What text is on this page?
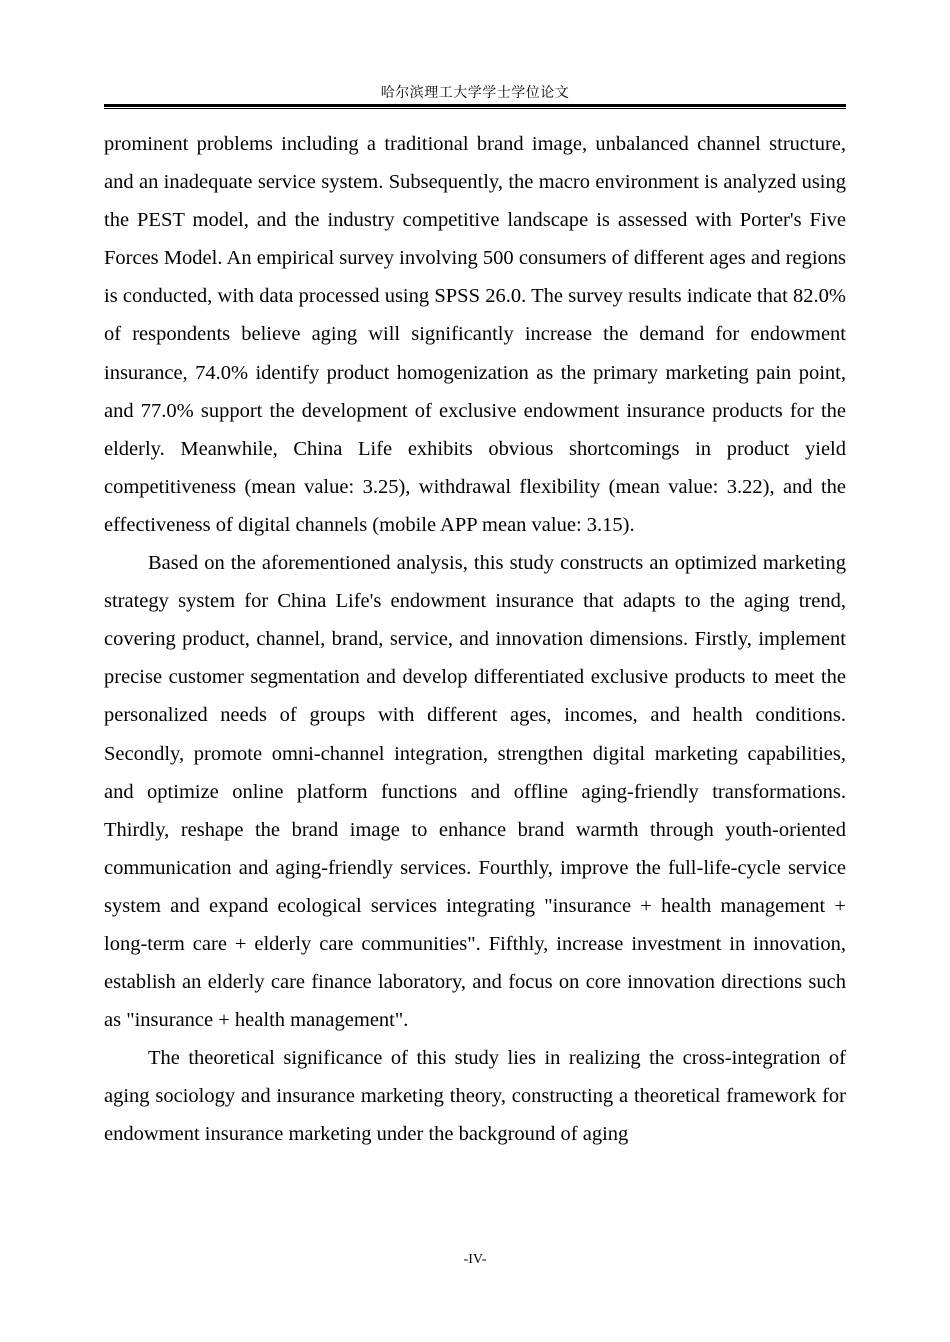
哈尔滨理工大学学士学位论文

prominent problems including a traditional brand image, unbalanced channel structure, and an inadequate service system. Subsequently, the macro environment is analyzed using the PEST model, and the industry competitive landscape is assessed with Porter's Five Forces Model. An empirical survey involving 500 consumers of different ages and regions is conducted, with data processed using SPSS 26.0. The survey results indicate that 82.0% of respondents believe aging will significantly increase the demand for endowment insurance, 74.0% identify product homogenization as the primary marketing pain point, and 77.0% support the development of exclusive endowment insurance products for the elderly. Meanwhile, China Life exhibits obvious shortcomings in product yield competitiveness (mean value: 3.25), withdrawal flexibility (mean value: 3.22), and the effectiveness of digital channels (mobile APP mean value: 3.15).

Based on the aforementioned analysis, this study constructs an optimized marketing strategy system for China Life's endowment insurance that adapts to the aging trend, covering product, channel, brand, service, and innovation dimensions. Firstly, implement precise customer segmentation and develop differentiated exclusive products to meet the personalized needs of groups with different ages, incomes, and health conditions. Secondly, promote omni-channel integration, strengthen digital marketing capabilities, and optimize online platform functions and offline aging-friendly transformations. Thirdly, reshape the brand image to enhance brand warmth through youth-oriented communication and aging-friendly services. Fourthly, improve the full-life-cycle service system and expand ecological services integrating "insurance + health management + long-term care + elderly care communities". Fifthly, increase investment in innovation, establish an elderly care finance laboratory, and focus on core innovation directions such as "insurance + health management".

The theoretical significance of this study lies in realizing the cross-integration of aging sociology and insurance marketing theory, constructing a theoretical framework for endowment insurance marketing under the background of aging

-IV-
